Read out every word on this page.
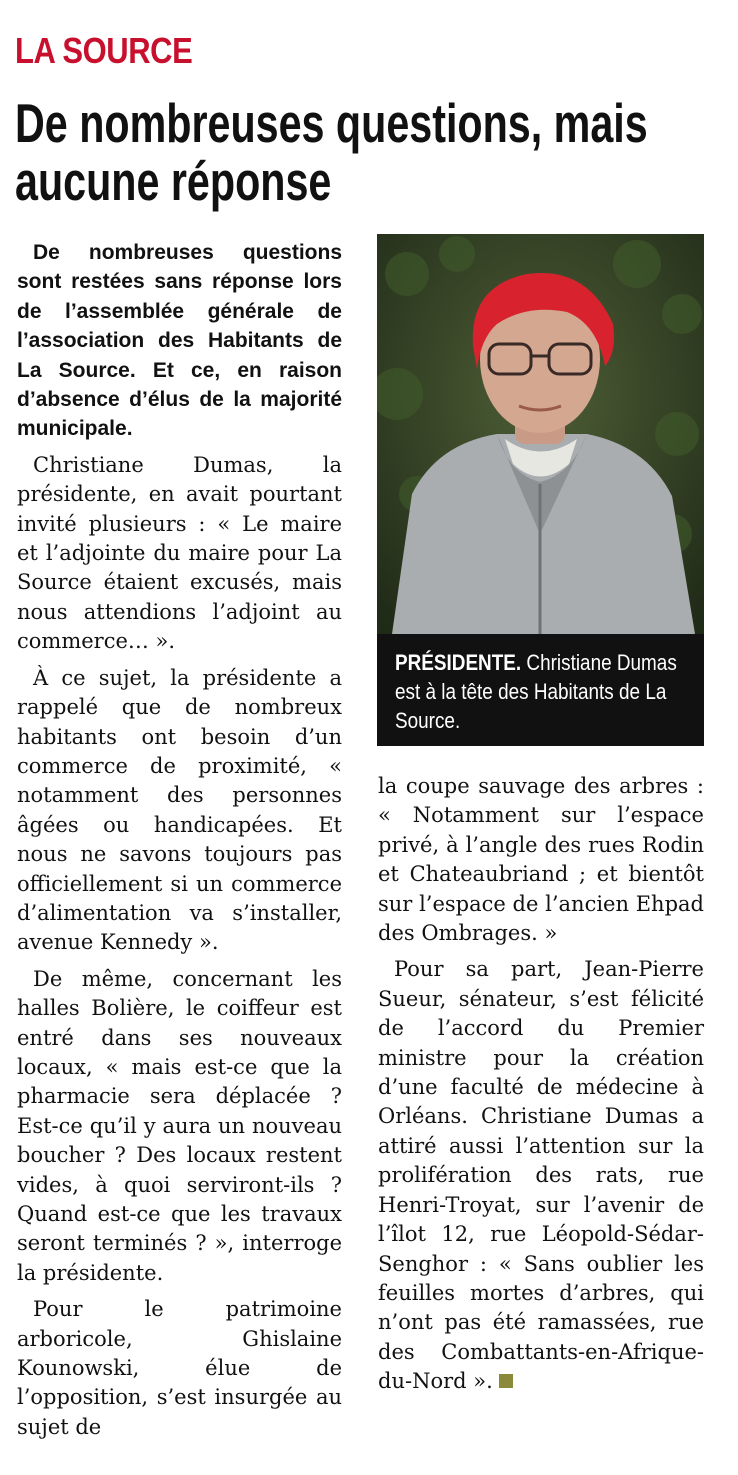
LA SOURCE
De nombreuses questions, mais aucune réponse

De nombreuses questions sont restées sans réponse lors de l’assemblée générale de l’association des Habitants de La Source. Et ce, en raison d’absence d’élus de la majorité municipale.

Christiane Dumas, la présidente, en avait pourtant invité plusieurs : « Le maire et l’adjointe du maire pour La Source étaient excusés, mais nous attendions l’adjoint au commerce… ».

À ce sujet, la présidente a rappelé que de nombreux habitants ont besoin d’un commerce de proximité, « notamment des personnes âgées ou handicapées. Et nous ne savons toujours pas officiellement si un commerce d’alimentation va s’installer, avenue Kennedy ».

De même, concernant les halles Bolière, le coiffeur est entré dans ses nouveaux locaux, « mais est-ce que la pharmacie sera déplacée ? Est-ce qu’il y aura un nouveau boucher ? Des locaux restent vides, à quoi serviront-ils ? Quand est-ce que les travaux seront terminés ? », interroge la présidente.

Pour le patrimoine arboricole, Ghislaine Kounowski, élue de l’opposition, s’est insurgée au sujet de

PRÉSIDENTE. Christiane Dumas est à la tête des Habitants de La Source.

la coupe sauvage des arbres : « Notamment sur l’espace privé, à l’angle des rues Rodin et Chateaubriand ; et bientôt sur l’espace de l’ancien Ehpad des Ombrages. »

Pour sa part, Jean-Pierre Sueur, sénateur, s’est félicité de l’accord du Premier ministre pour la création d’une faculté de médecine à Orléans. Christiane Dumas a attiré aussi l’attention sur la prolifération des rats, rue Henri-Troyat, sur l’avenir de l’îlot 12, rue Léopold-Sédar-Senghor : « Sans oublier les feuilles mortes d’arbres, qui n’ont pas été ramassées, rue des Combattants-en-Afrique-du-Nord ».
